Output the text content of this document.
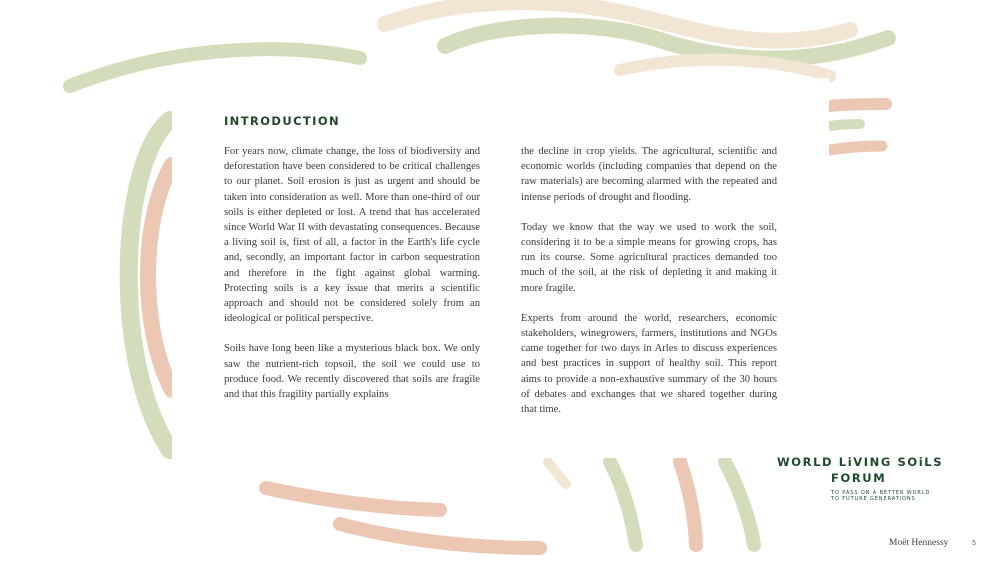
INTRODUCTION

For years now, climate change, the loss of biodiversity and deforestation have been considered to be critical challenges to our planet. Soil erosion is just as urgent and should be taken into consideration as well. More than one-third of our soils is either depleted or lost. A trend that has accelerated since World War II with devastating consequences. Because a living soil is, first of all, a factor in the Earth's life cycle and, secondly, an important factor in carbon sequestration and therefore in the fight against global warming. Protecting soils is a key issue that merits a scientific approach and should not be considered solely from an ideological or political perspective.

Soils have long been like a mysterious black box. We only saw the nutrient-rich topsoil, the soil we could use to produce food. We recently discovered that soils are fragile and that this fragility partially explains

the decline in crop yields. The agricultural, scientific and economic worlds (including companies that depend on the raw materials) are becoming alarmed with the repeated and intense periods of drought and flooding.

Today we know that the way we used to work the soil, considering it to be a simple means for growing crops, has run its course. Some agricultural practices demanded too much of the soil, at the risk of depleting it and making it more fragile.

Experts from around the world, researchers, economic stakeholders, winegrowers, farmers, institutions and NGOs came together for two days in Arles to discuss experiences and best practices in support of healthy soil. This report aims to provide a non-exhaustive summary of the 30 hours of debates and exchanges that we shared together during that time.

WORLD LiVING SOiLS
FORUM
TO PASS ON A BETTER WORLD
TO FUTURE GENERATIONS
Moët Hennessy	5
